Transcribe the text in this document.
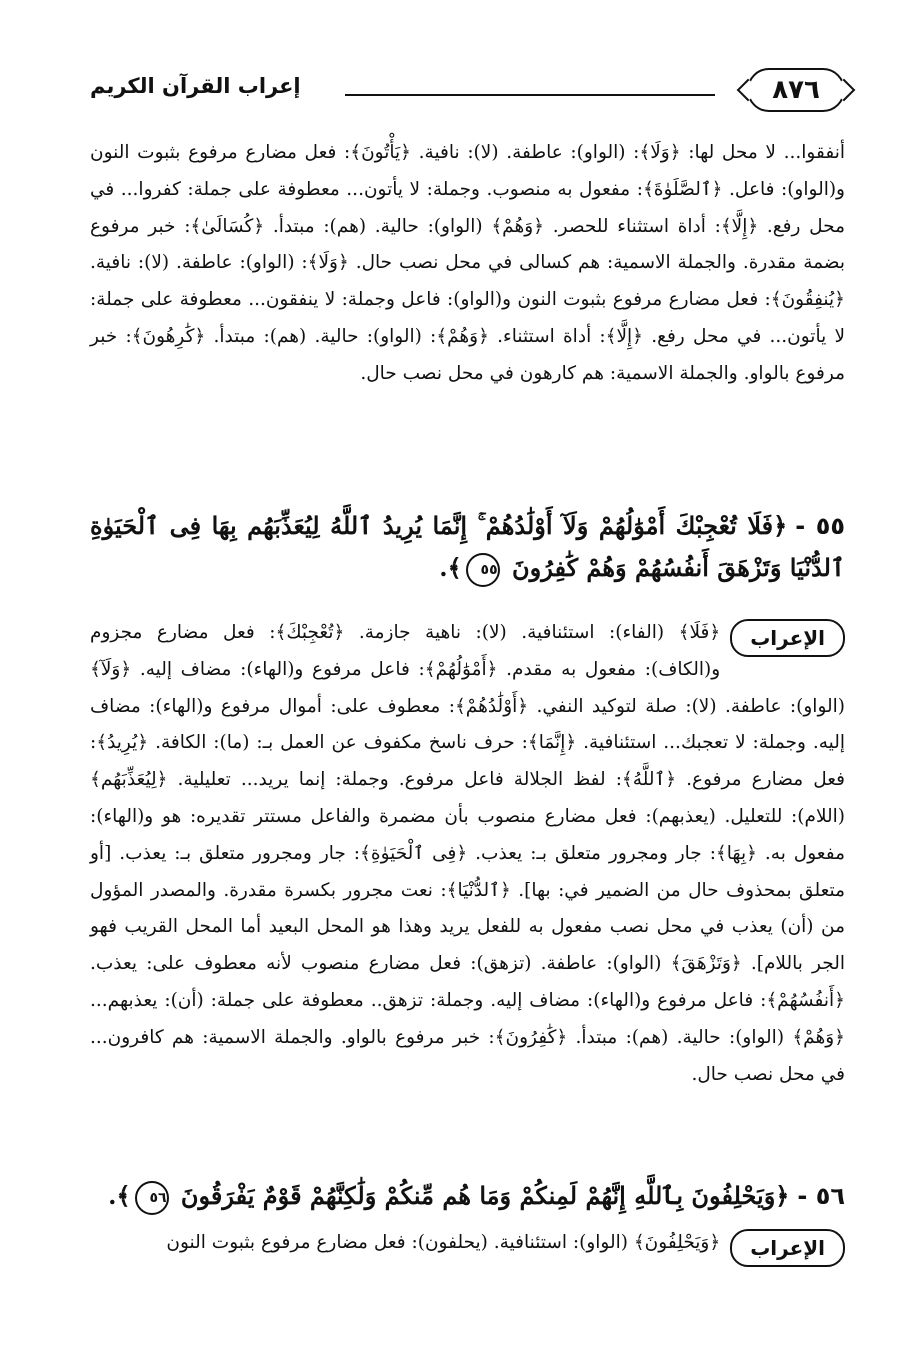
٨٧٦
إعراب القرآن الكريم

أنفقوا... لا محل لها: ﴿وَلَا﴾: (الواو): عاطفة. (لا): نافية. ﴿يَأْتُونَ﴾: فعل مضارع مرفوع بثبوت النون و(الواو): فاعل. ﴿ٱلصَّلَوٰةَ﴾: مفعول به منصوب. وجملة: لا يأتون... معطوفة على جملة: كفروا... في محل رفع. ﴿إِلَّا﴾: أداة استثناء للحصر. ﴿وَهُمْ﴾ (الواو): حالية. (هم): مبتدأ. ﴿كُسَالَىٰ﴾: خبر مرفوع بضمة مقدرة. والجملة الاسمية: هم كسالى في محل نصب حال. ﴿وَلَا﴾: (الواو): عاطفة. (لا): نافية. ﴿يُنفِقُونَ﴾: فعل مضارع مرفوع بثبوت النون و(الواو): فاعل وجملة: لا ينفقون... معطوفة على جملة: لا يأتون... في محل رفع. ﴿إِلَّا﴾: أداة استثناء. ﴿وَهُمْ﴾: (الواو): حالية. (هم): مبتدأ. ﴿كَٰرِهُونَ﴾: خبر مرفوع بالواو. والجملة الاسمية: هم كارهون في محل نصب حال.

٥٥ -﴿فَلَا تُعْجِبْكَ أَمْوَٰلُهُمْ وَلَآ أَوْلَٰدُهُمْ ۚ إِنَّمَا يُرِيدُ ٱللَّهُ لِيُعَذِّبَهُم بِهَا فِى ٱلْحَيَوٰةِ ٱلدُّنْيَا وَتَزْهَقَ أَنفُسُهُمْ وَهُمْ كَٰفِرُونَ ٥٥﴾.

الإعراب

﴿فَلَا﴾ (الفاء): استئنافية. (لا): ناهية جازمة. ﴿تُعْجِبْكَ﴾: فعل مضارع مجزوم و(الكاف): مفعول به مقدم. ﴿أَمْوَٰلُهُمْ﴾: فاعل مرفوع و(الهاء): مضاف إليه. ﴿وَلَآ﴾ (الواو): عاطفة. (لا): صلة لتوكيد النفي. ﴿أَوْلَٰدُهُمْ﴾: معطوف على: أموال مرفوع و(الهاء): مضاف إليه. وجملة: لا تعجبك... استئنافية. ﴿إِنَّمَا﴾: حرف ناسخ مكفوف عن العمل بـ: (ما): الكافة. ﴿يُرِيدُ﴾: فعل مضارع مرفوع. ﴿ٱللَّهُ﴾: لفظ الجلالة فاعل مرفوع. وجملة: إنما يريد... تعليلية. ﴿لِيُعَذِّبَهُم﴾ (اللام): للتعليل. (يعذبهم): فعل مضارع منصوب بأن مضمرة والفاعل مستتر تقديره: هو و(الهاء): مفعول به. ﴿بِهَا﴾: جار ومجرور متعلق بـ: يعذب. ﴿فِى ٱلْحَيَوٰةِ﴾: جار ومجرور متعلق بـ: يعذب. [أو متعلق بمحذوف حال من الضمير في: بها]. ﴿ٱلدُّنْيَا﴾: نعت مجرور بكسرة مقدرة. والمصدر المؤول من (أن) يعذب في محل نصب مفعول به للفعل يريد وهذا هو المحل البعيد أما المحل القريب فهو الجر باللام]. ﴿وَتَزْهَقَ﴾ (الواو): عاطفة. (تزهق): فعل مضارع منصوب لأنه معطوف على: يعذب. ﴿أَنفُسُهُمْ﴾: فاعل مرفوع و(الهاء): مضاف إليه. وجملة: تزهق.. معطوفة على جملة: (أن): يعذبهم... ﴿وَهُمْ﴾ (الواو): حالية. (هم): مبتدأ. ﴿كَٰفِرُونَ﴾: خبر مرفوع بالواو. والجملة الاسمية: هم كافرون... في محل نصب حال.

٥٦ -﴿وَيَحْلِفُونَ بِٱللَّهِ إِنَّهُمْ لَمِنكُمْ وَمَا هُم مِّنكُمْ وَلَٰكِنَّهُمْ قَوْمٌ يَفْرَقُونَ ٥٦﴾.

الإعراب

﴿وَيَحْلِفُونَ﴾ (الواو): استئنافية. (يحلفون): فعل مضارع مرفوع بثبوت النون
